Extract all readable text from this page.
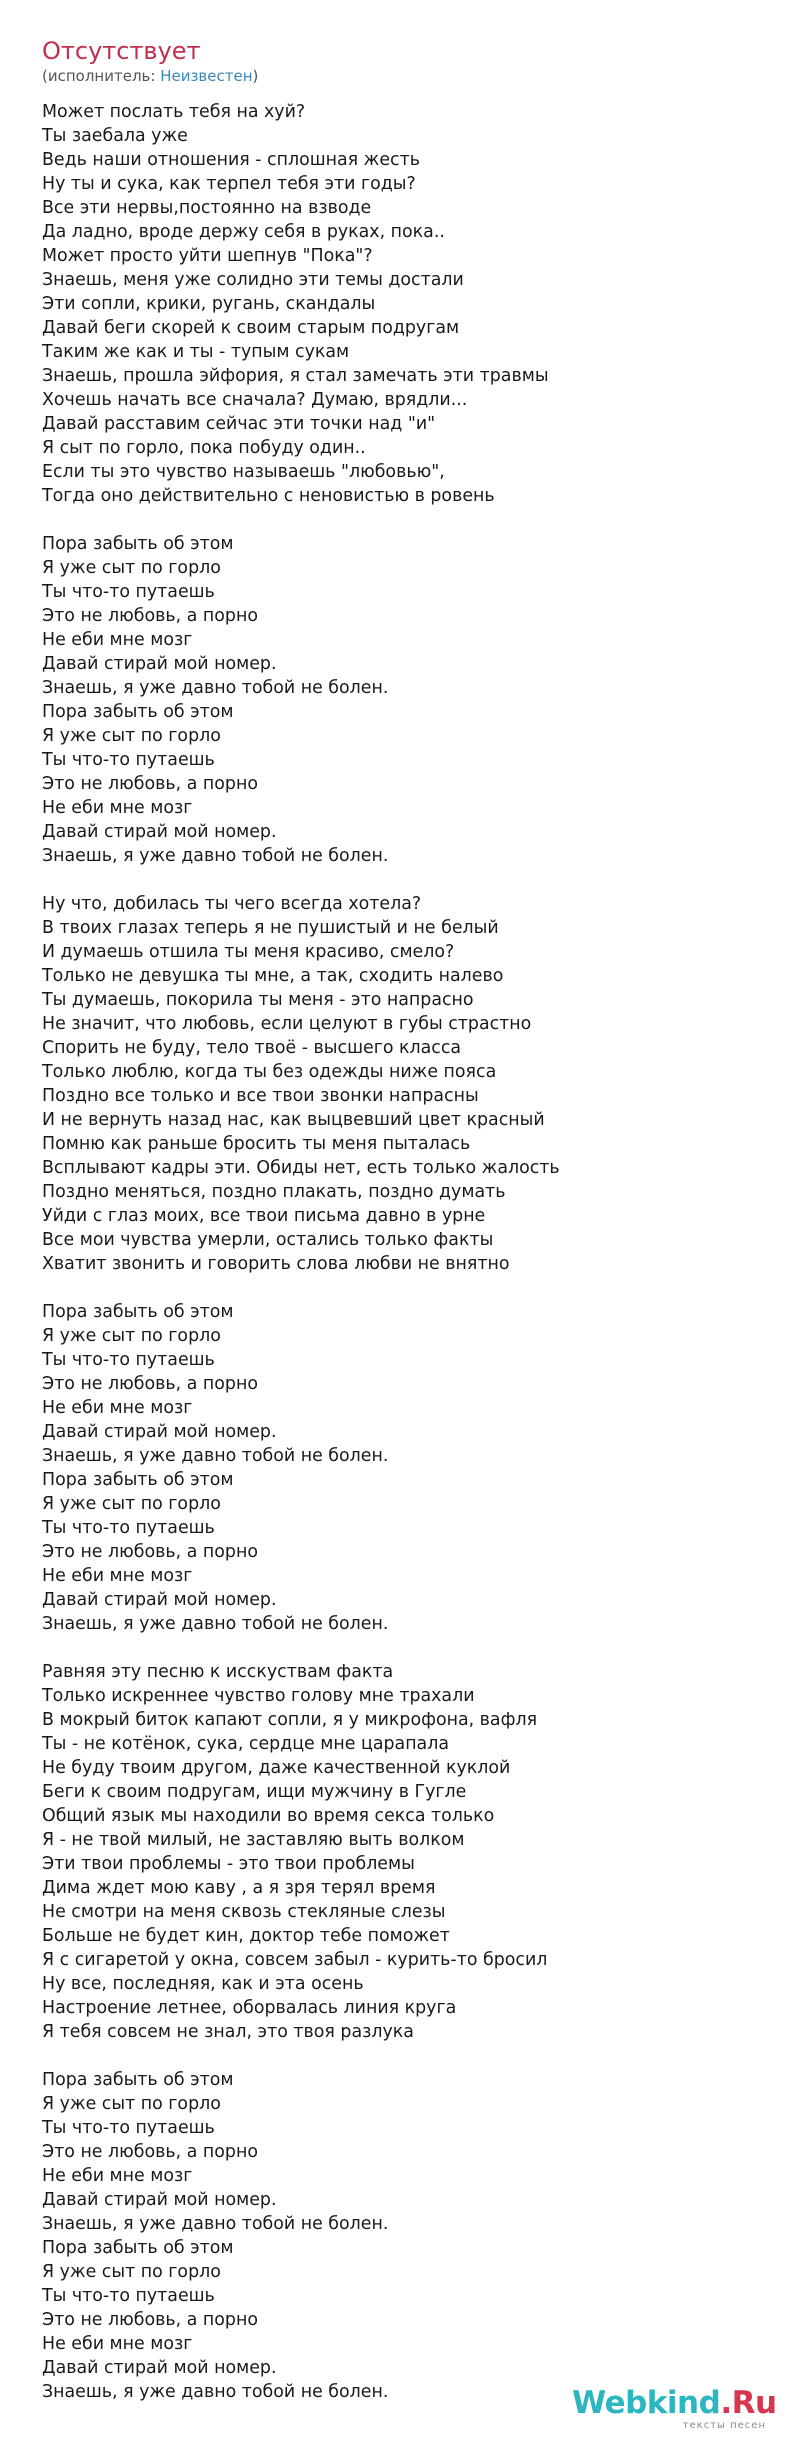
Отсутствует
(исполнитель: Неизвестен)
Может послать тебя на хуй?
Ты заебала уже
Ведь наши отношения - сплошная жесть
Ну ты и сука, как терпел тебя эти годы?
Все эти нервы,постоянно на взводе
Да ладно, вроде держу себя в руках, пока..
Может просто уйти шепнув "Пока"?
Знаешь, меня уже солидно эти темы достали
Эти сопли, крики, ругань, скандалы
Давай беги скорей к своим старым подругам
Таким же как и ты - тупым сукам
Знаешь, прошла эйфория, я стал замечать эти травмы
Хочешь начать все сначала? Думаю, врядли...
Давай расставим сейчас эти точки над "и"
Я сыт по горло, пока побуду один..
Если ты это чувство называешь "любовью",
Тогда оно действительно с неновистью в ровень
Пора забыть об этом
Я уже сыт по горло
Ты что-то путаешь
Это не любовь, а порно
Не еби мне мозг
Давай стирай мой номер.
Знаешь, я уже давно тобой не болен.
Пора забыть об этом
Я уже сыт по горло
Ты что-то путаешь
Это не любовь, а порно
Не еби мне мозг
Давай стирай мой номер.
Знаешь, я уже давно тобой не болен.
Ну что, добилась ты чего всегда хотела?
В твоих глазах теперь я не пушистый и не белый
И думаешь отшила ты меня красиво, смело?
Только не девушка ты мне, а так, сходить налево
Ты думаешь, покорила ты меня - это напрасно
Не значит, что любовь, если целуют в губы страстно
Спорить не буду, тело твоё - высшего класса
Только люблю, когда ты без одежды ниже пояса
Поздно все только и все твои звонки напрасны
И не вернуть назад нас, как выцвевший цвет красный
Помню как раньше бросить ты меня пыталась
Всплывают кадры эти. Обиды нет, есть только жалость
Поздно меняться, поздно плакать, поздно думать
Уйди с глаз моих, все твои письма давно в урне
Все мои чувства умерли, остались только факты
Хватит звонить и говорить слова любви не внятно
Пора забыть об этом
Я уже сыт по горло
Ты что-то путаешь
Это не любовь, а порно
Не еби мне мозг
Давай стирай мой номер.
Знаешь, я уже давно тобой не болен.
Пора забыть об этом
Я уже сыт по горло
Ты что-то путаешь
Это не любовь, а порно
Не еби мне мозг
Давай стирай мой номер.
Знаешь, я уже давно тобой не болен.
Равняя эту песню к исскуствам факта
Только искреннее чувство голову мне трахали
В мокрый биток капают сопли, я у микрофона, вафля
Ты - не котёнок, сука, сердце мне царапала
Не буду твоим другом, даже качественной куклой
Беги к своим подругам, ищи мужчину в Гугле
Общий язык мы находили во время секса только
Я - не твой милый, не заставляю выть волком
Эти твои проблемы - это твои проблемы
Дима ждет мою каву , а я зря терял время
Не смотри на меня сквозь стекляные слезы
Больше не будет кин, доктор тебе поможет
Я с сигаретой у окна, совсем забыл - курить-то бросил
Ну все, последняя, как и эта осень
Настроение летнее, оборвалась линия круга
Я тебя совсем не знал, это твоя разлука
Пора забыть об этом
Я уже сыт по горло
Ты что-то путаешь
Это не любовь, а порно
Не еби мне мозг
Давай стирай мой номер.
Знаешь, я уже давно тобой не болен.
Пора забыть об этом
Я уже сыт по горло
Ты что-то путаешь
Это не любовь, а порно
Не еби мне мозг
Давай стирай мой номер.
Знаешь, я уже давно тобой не болен.	Webkind.Ru
тексты песен
